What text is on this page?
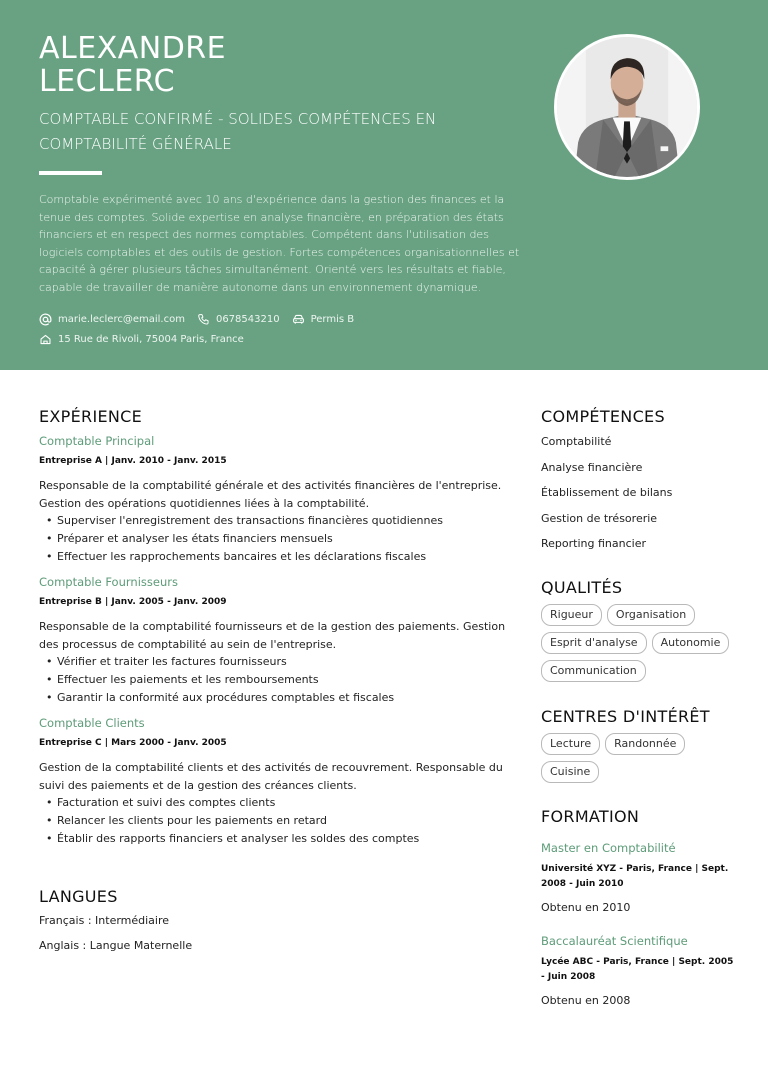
ALEXANDRE
LECLERC
COMPTABLE CONFIRMÉ - SOLIDES COMPÉTENCES EN COMPTABILITÉ GÉNÉRALE
Comptable expérimenté avec 10 ans d'expérience dans la gestion des finances et la tenue des comptes. Solide expertise en analyse financière, en préparation des états financiers et en respect des normes comptables. Compétent dans l'utilisation des logiciels comptables et des outils de gestion. Fortes compétences organisationnelles et capacité à gérer plusieurs tâches simultanément. Orienté vers les résultats et fiable, capable de travailler de manière autonome dans un environnement dynamique.
marie.leclerc@email.com	0678543210	Permis B
15 Rue de Rivoli, 75004 Paris, France
EXPÉRIENCE
Comptable Principal
Entreprise A | Janv. 2010 - Janv. 2015
Responsable de la comptabilité générale et des activités financières de l'entreprise. Gestion des opérations quotidiennes liées à la comptabilité.
• Superviser l'enregistrement des transactions financières quotidiennes
• Préparer et analyser les états financiers mensuels
• Effectuer les rapprochements bancaires et les déclarations fiscales
Comptable Fournisseurs
Entreprise B | Janv. 2005 - Janv. 2009
Responsable de la comptabilité fournisseurs et de la gestion des paiements. Gestion des processus de comptabilité au sein de l'entreprise.
• Vérifier et traiter les factures fournisseurs
• Effectuer les paiements et les remboursements
• Garantir la conformité aux procédures comptables et fiscales
Comptable Clients
Entreprise C | Mars 2000 - Janv. 2005
Gestion de la comptabilité clients et des activités de recouvrement. Responsable du suivi des paiements et de la gestion des créances clients.
• Facturation et suivi des comptes clients
• Relancer les clients pour les paiements en retard
• Établir des rapports financiers et analyser les soldes des comptes
LANGUES
Français : Intermédiaire
Anglais : Langue Maternelle
COMPÉTENCES
Comptabilité
Analyse financière
Établissement de bilans
Gestion de trésorerie
Reporting financier
QUALITÉS
Rigueur	Organisation
Esprit d'analyse	Autonomie
Communication
CENTRES D'INTÉRÊT
Lecture	Randonnée
Cuisine
FORMATION
Master en Comptabilité
Université XYZ - Paris, France | Sept. 2008 - Juin 2010
Obtenu en 2010
Baccalauréat Scientifique
Lycée ABC - Paris, France | Sept. 2005 - Juin 2008
Obtenu en 2008
